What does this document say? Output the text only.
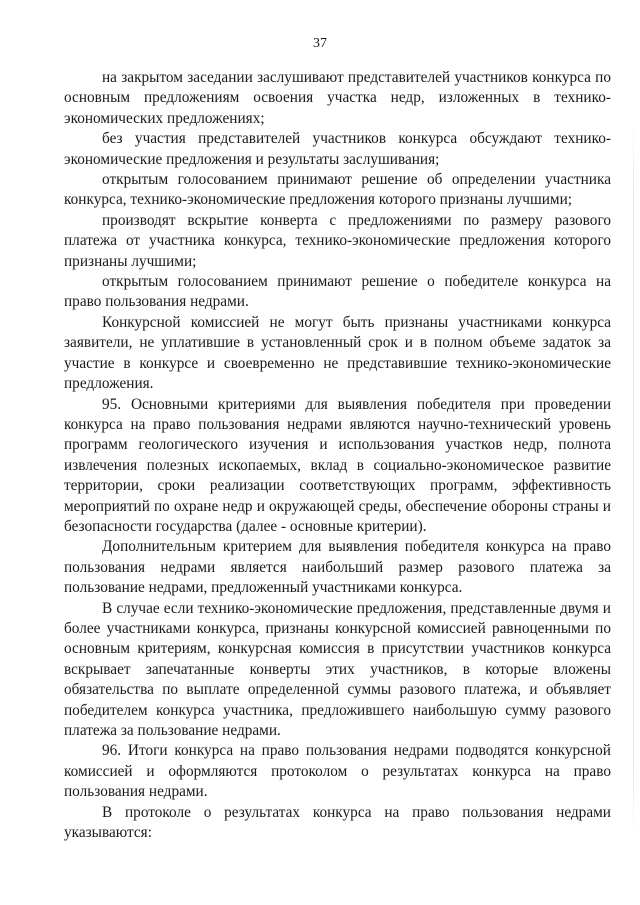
37

на закрытом заседании заслушивают представителей участников конкурса по основным предложениям освоения участка недр, изложенных в технико-экономических предложениях;

без участия представителей участников конкурса обсуждают технико-экономические предложения и результаты заслушивания;

открытым голосованием принимают решение об определении участника конкурса, технико-экономические предложения которого признаны лучшими;

производят вскрытие конверта с предложениями по размеру разового платежа от участника конкурса, технико-экономические предложения которого признаны лучшими;

открытым голосованием принимают решение о победителе конкурса на право пользования недрами.

Конкурсной комиссией не могут быть признаны участниками конкурса заявители, не уплатившие в установленный срок и в полном объеме задаток за участие в конкурсе и своевременно не представившие технико-экономические предложения.

95. Основными критериями для выявления победителя при проведении конкурса на право пользования недрами являются научно-технический уровень программ геологического изучения и использования участков недр, полнота извлечения полезных ископаемых, вклад в социально-экономическое развитие территории, сроки реализации соответствующих программ, эффективность мероприятий по охране недр и окружающей среды, обеспечение обороны страны и безопасности государства (далее - основные критерии).

Дополнительным критерием для выявления победителя конкурса на право пользования недрами является наибольший размер разового платежа за пользование недрами, предложенный участниками конкурса.

В случае если технико-экономические предложения, представленные двумя и более участниками конкурса, признаны конкурсной комиссией равноценными по основным критериям, конкурсная комиссия в присутствии участников конкурса вскрывает запечатанные конверты этих участников, в которые вложены обязательства по выплате определенной суммы разового платежа, и объявляет победителем конкурса участника, предложившего наибольшую сумму разового платежа за пользование недрами.

96. Итоги конкурса на право пользования недрами подводятся конкурсной комиссией и оформляются протоколом о результатах конкурса на право пользования недрами.

В протоколе о результатах конкурса на право пользования недрами указываются:
